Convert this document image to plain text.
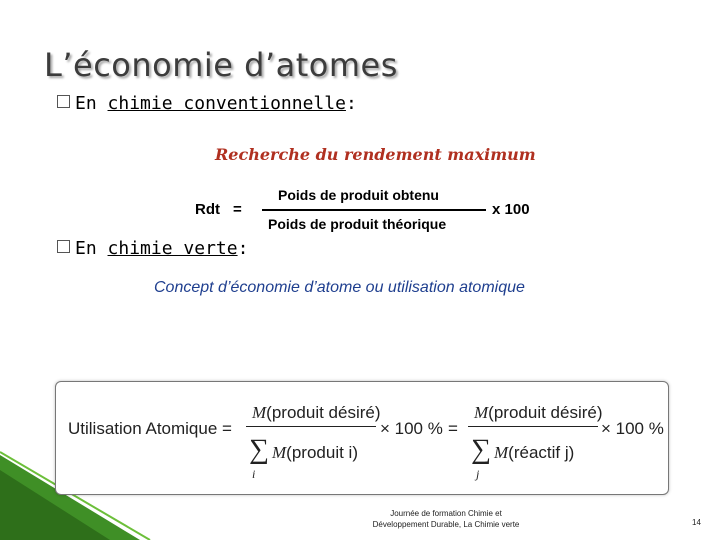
L’économie d’atomes
En chimie conventionnelle:
Recherche du rendement maximum
Rdt =
Poids de produit obtenu
Poids de produit théorique
x 100
En chimie verte:
Concept d’économie d’atome ou utilisation atomique
Utilisation Atomique =
M(produit désiré)
∑
i
M(produit i)
× 100 % =
M(produit désiré)
∑
j
M(réactif j)
× 100 %
Journée de formation Chimie et
Développement Durable, La Chimie verte	14
